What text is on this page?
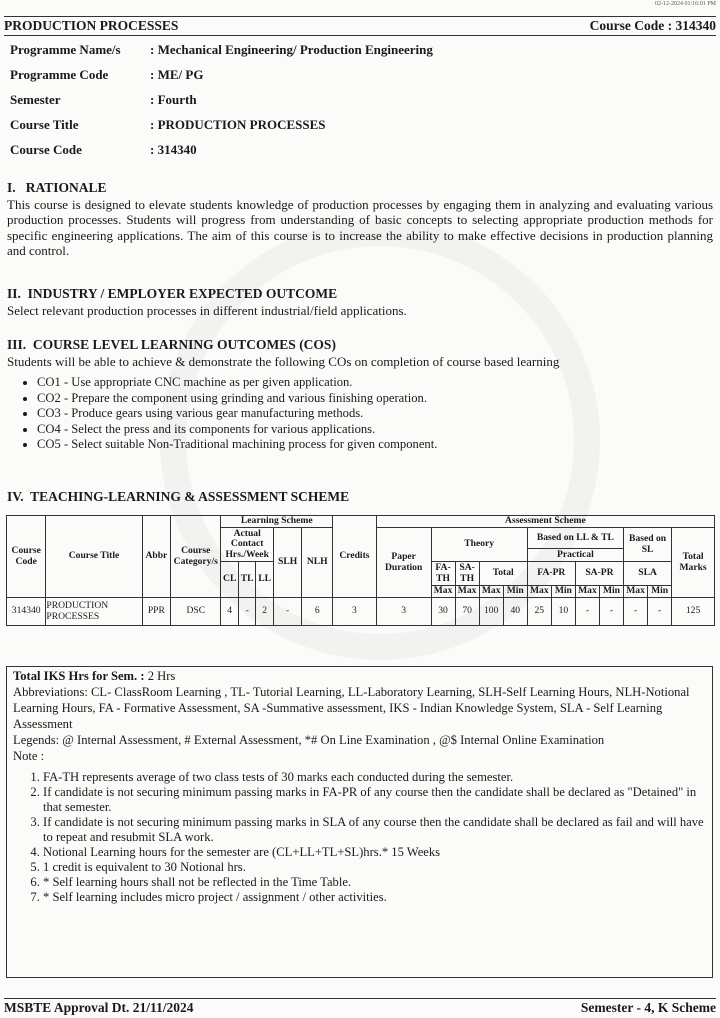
02-12-2024 01:16:01 PM
PRODUCTION PROCESSES	Course Code : 314340
Programme Name/s	: Mechanical Engineering/ Production Engineering
Programme Code	: ME/ PG
Semester	: Fourth
Course Title	: PRODUCTION PROCESSES
Course Code	: 314340
I.   RATIONALE
This course is designed to elevate students knowledge of production processes by engaging them in analyzing and evaluating various production processes. Students will progress from understanding of basic concepts to selecting appropriate production methods for specific engineering applications. The aim of this course is to increase the ability to make effective decisions in production planning and control.
II.  INDUSTRY / EMPLOYER EXPECTED OUTCOME
Select relevant production processes in different industrial/field applications.
III.  COURSE LEVEL LEARNING OUTCOMES (COS)
Students will be able to achieve & demonstrate the following COs on completion of course based learning
• CO1 - Use appropriate CNC machine as per given application.
• CO2 - Prepare the component using grinding and various finishing operation.
• CO3 - Produce gears using various gear manufacturing methods.
• CO4 - Select the press and its components for various applications.
• CO5 - Select suitable Non-Traditional machining process for given component.
IV.  TEACHING-LEARNING & ASSESSMENT SCHEME
Course Code	Course Title	Abbr	Course Category/s	Learning Scheme					Credits	Assessment Scheme											
				Actual Contact Hrs./Week			SLH	NLH		Paper Duration	Theory				Based on LL & TL				Based on SL		Total Marks
															Practical						
				CL	TL	LL					FA-TH	SA-TH	Total		FA-PR		SA-PR		SLA		
											Max	Max	Max	Min	Max	Min	Max	Min	Max	Min	
314340	PRODUCTION PROCESSES	PPR	DSC	4	-	2	-	6	3	3	30	70	100	40	25	10	-	-	-	-	125
Total IKS Hrs for Sem. : 2 Hrs
Abbreviations: CL- ClassRoom Learning , TL- Tutorial Learning, LL-Laboratory Learning, SLH-Self Learning Hours, NLH-Notional Learning Hours, FA - Formative Assessment, SA -Summative assessment, IKS - Indian Knowledge System, SLA - Self Learning Assessment
Legends: @ Internal Assessment, # External Assessment, *# On Line Examination , @$ Internal Online Examination
Note :
1. FA-TH represents average of two class tests of 30 marks each conducted during the semester.
2. If candidate is not securing minimum passing marks in FA-PR of any course then the candidate shall be declared as "Detained" in that semester.
3. If candidate is not securing minimum passing marks in SLA of any course then the candidate shall be declared as fail and will have to repeat and resubmit SLA work.
4. Notional Learning hours for the semester are (CL+LL+TL+SL)hrs.* 15 Weeks
5. 1 credit is equivalent to 30 Notional hrs.
6. * Self learning hours shall not be reflected in the Time Table.
7. * Self learning includes micro project / assignment / other activities.
MSBTE Approval Dt. 21/11/2024	Semester - 4, K Scheme
